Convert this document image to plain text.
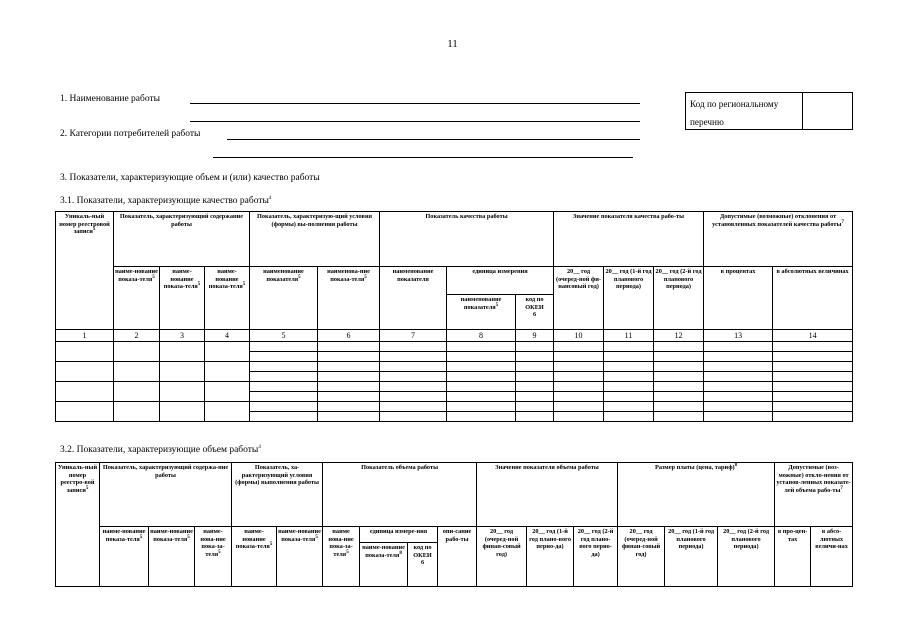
11
1. Наименование работы
2. Категории потребителей работы
Код по региональному перечню
3. Показатели, характеризующие объем и (или) качество работы
3.1. Показатели, характеризующие качество работы$^4$
Уникаль-ный номер реестровой записи$^5$	Показатель, характеризующий содержание работы			Показатель, характеризую-щий условия (формы) вы-полнения работы		Показатель качества работы			Значение показателя качества рабо-ты			Допустимые (возможные) отклонения от установленных показателей качества работы$^7$
	наиме-нование показа-теля$^5$	наиме-нование показа-теля$^5$	наиме-нование показа-теля$^5$	наименование показателя$^5$	наименова-ние показа-теля$^5$	наименование показателя	единица измерения		20__ год (очеред-ной фи-нансовый год)	20__ год (1-й год планового периода)	20__ год (2-й год планового периода)	в процентах	в абсолютных величинах
							наименование показателя$^5$	код по ОКЕИ
6					
1	2	3	4	5	6	7	8	9	10	11	12	13	14

3.2. Показатели, характеризующие объем работы$^4$
Уникаль-ный номер реестро-вой записи$^5$	Показатель, характеризующий содержа-ние работы			Показатель, ха-рактеризующий условия (формы) выполнения работы		Показатель объема работы				Значение показателя объема работы			Размер платы (цена, тариф)$^8$			Допустимые (воз-можные) откло-нения от установ-ленных показате-лей объема рабо-$ты^7$
	наиме-нование показа-теля$^5$	наиме-нование показа-теля$^5$	наиме-нова-ние пока-за-теля$^5$	наиме-нование показа-теля$^5$	наиме-нование показа-теля$^5$	наиме нова-ние пока-за-теля$^5$	единица измере-ния		опи-сание рабо-ты	20__ год (очеред-ной финан-совый год)	20__ год (1-й год плано-вого перио-да)	20__ год (2-й год плано-вого перио-да)	20__ год (очеред-ной финан-совый год)	20__ год (1-й год планового периода)	20__ год (2-й год планового периода)	в про-цен-тах	в абсо-лютных величи-нах
							наиме-нование показа-теля$^8$	код по ОКЕИ
6									
